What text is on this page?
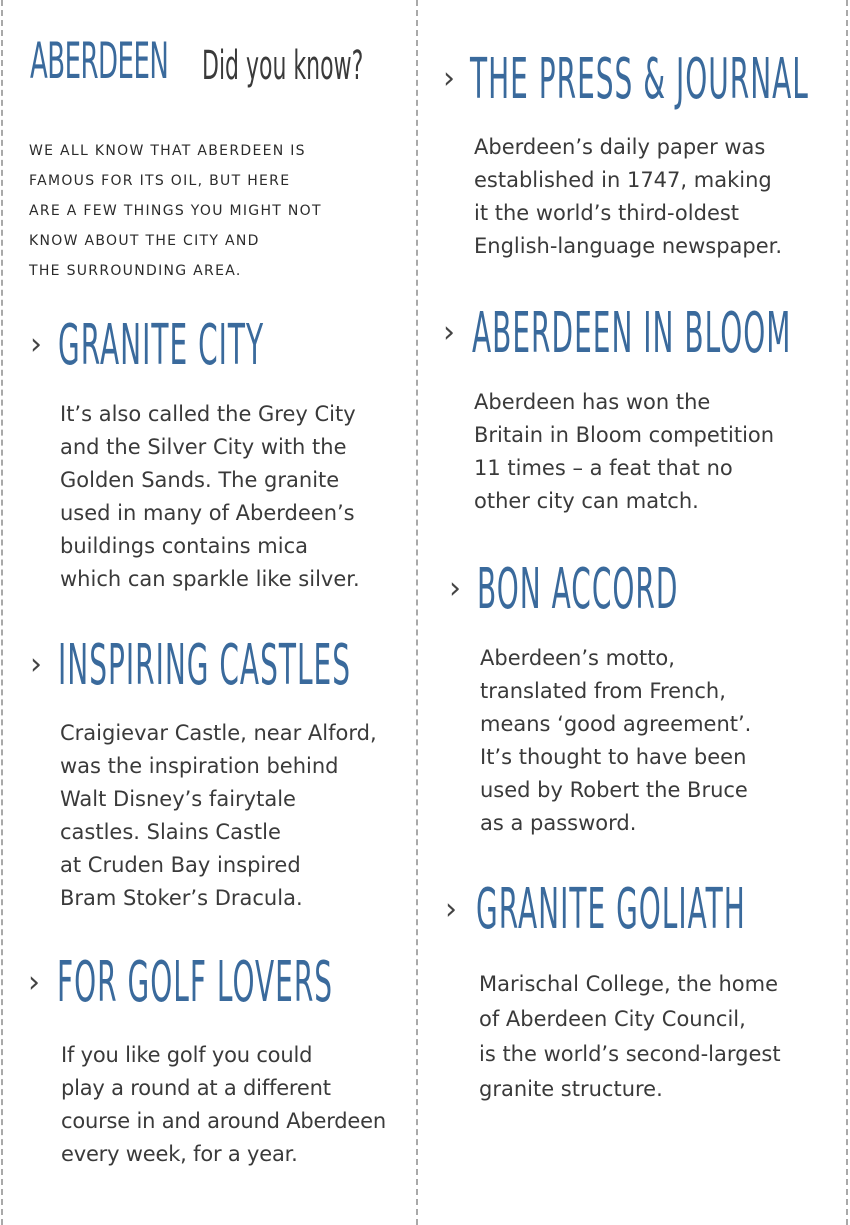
ABERDEEN Did you know?

WE ALL KNOW THAT ABERDEEN IS
FAMOUS FOR ITS OIL, BUT HERE
ARE A FEW THINGS YOU MIGHT NOT
KNOW ABOUT THE CITY AND
THE SURROUNDING AREA.

› GRANITE CITY

It’s also called the Grey City
and the Silver City with the
Golden Sands. The granite
used in many of Aberdeen’s
buildings contains mica
which can sparkle like silver.

› INSPIRING CASTLES

Craigievar Castle, near Alford,
was the inspiration behind
Walt Disney’s fairytale
castles. Slains Castle
at Cruden Bay inspired
Bram Stoker’s Dracula.

› FOR GOLF LOVERS

If you like golf you could
play a round at a different
course in and around Aberdeen
every week, for a year.

› THE PRESS & JOURNAL

Aberdeen’s daily paper was
established in 1747, making
it the world’s third-oldest
English-language newspaper.

› ABERDEEN IN BLOOM

Aberdeen has won the
Britain in Bloom competition
11 times – a feat that no
other city can match.

› BON ACCORD

Aberdeen’s motto,
translated from French,
means ‘good agreement’.
It’s thought to have been
used by Robert the Bruce
as a password.

› GRANITE GOLIATH

Marischal College, the home
of Aberdeen City Council,
is the world’s second-largest
granite structure.
